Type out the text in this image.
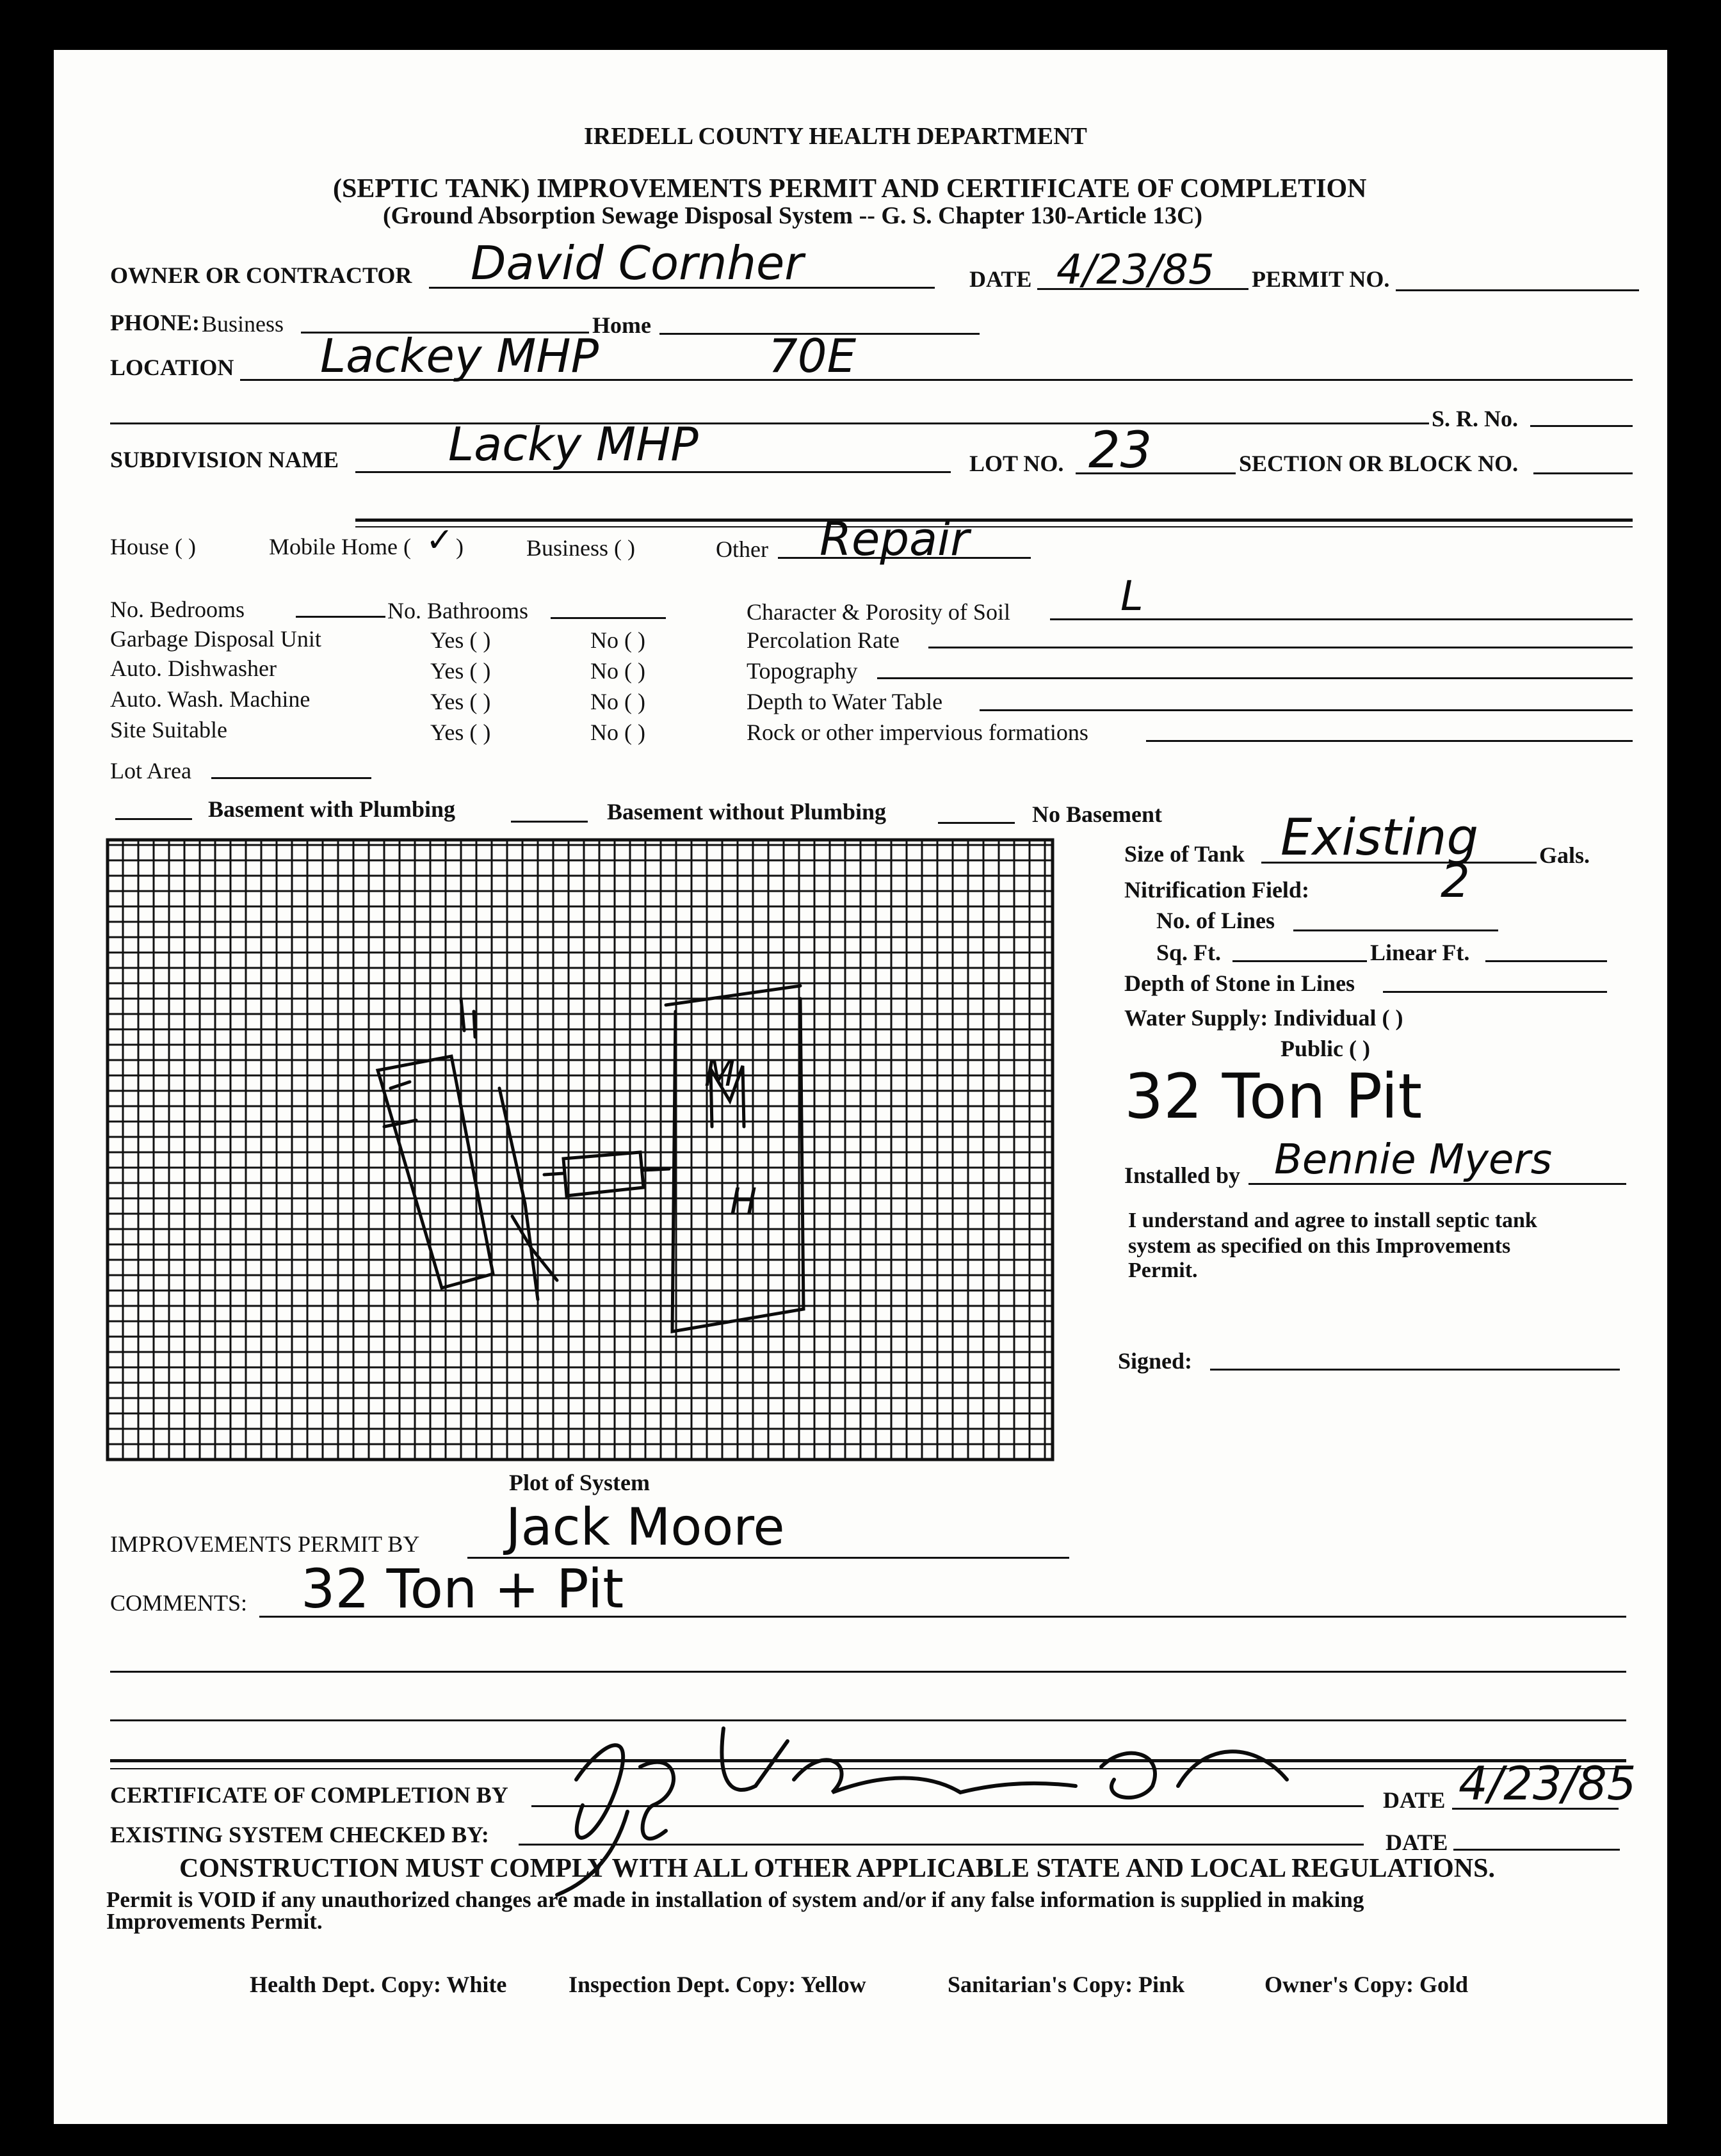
IREDELL COUNTY HEALTH DEPARTMENT
(SEPTIC TANK) IMPROVEMENTS PERMIT AND CERTIFICATE OF COMPLETION
(Ground Absorption Sewage Disposal System -- G. S. Chapter 130-Article 13C)
OWNER OR CONTRACTOR David Cornher	DATE 4/23/85 PERMIT NO.
PHONE: Business	Home
LOCATION Lackey MHP	70E
S. R. No.
SUBDIVISION NAME Lacky MHP	LOT NO. 23	SECTION OR BLOCK NO.
House ( )	Mobile Home ( ✓ )	Business ( )	Other Repair
No. Bedrooms	No. Bathrooms
Garbage Disposal Unit	Yes ( )	No ( )
Auto. Dishwasher	Yes ( )	No ( )
Auto. Wash. Machine	Yes ( )	No ( )
Site Suitable	Yes ( )	No ( )
Character & Porosity of Soil	L
Percolation Rate
Topography
Depth to Water Table
Rock or other impervious formations
Lot Area
Basement with Plumbing	Basement without Plumbing	No Basement
M
H
Plot of System
Size of Tank Existing
2	Gals.
Nitrification Field:
No. of Lines
Sq. Ft.	Linear Ft.
Depth of Stone in Lines
Water Supply: Individual ( )
Public ( )
32 Ton Pit
Installed by Bennie Myers
I understand and agree to install septic tank
system as specified on this Improvements
Permit.
Signed:
IMPROVEMENTS PERMIT BY Jack Moore
COMMENTS: 32 Ton + Pit
CERTIFICATE OF COMPLETION BY	DATE 4/23/85
EXISTING SYSTEM CHECKED BY:	DATE
CONSTRUCTION MUST COMPLY WITH ALL OTHER APPLICABLE STATE AND LOCAL REGULATIONS.
Permit is VOID if any unauthorized changes are made in installation of system and/or if any false information is supplied in making
Improvements Permit.
Health Dept. Copy: White	Inspection Dept. Copy: Yellow	Sanitarian's Copy: Pink	Owner's Copy: Gold
